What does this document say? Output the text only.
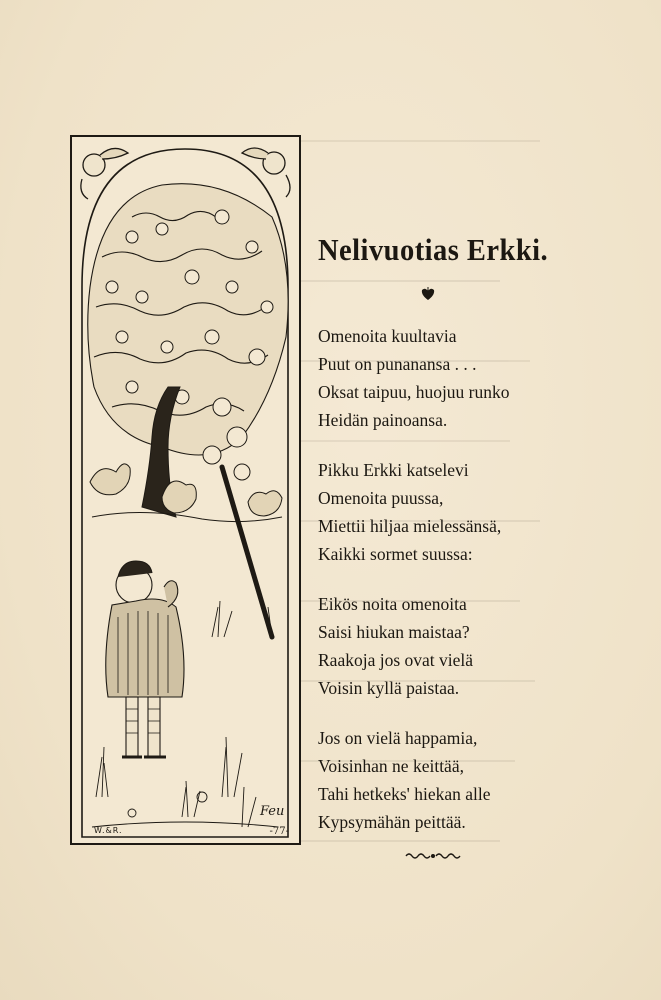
W.&R.
Feu
-77-
Nelivuotias Erkki.
Omenoita kuultavia
Puut on punanansa . . .
Oksat taipuu, huojuu runko
Heidän painoansa.
Pikku Erkki katselevi
Omenoita puussa,
Miettii hiljaa mielessänsä,
Kaikki sormet suussa:
Eikös noita omenoita
Saisi hiukan maistaa?
Raakoja jos ovat vielä
Voisin kyllä paistaa.
Jos on vielä happamia,
Voisinhan ne keittää,
Tahi hetkeks' hiekan alle
Kypsymähän peittää.
